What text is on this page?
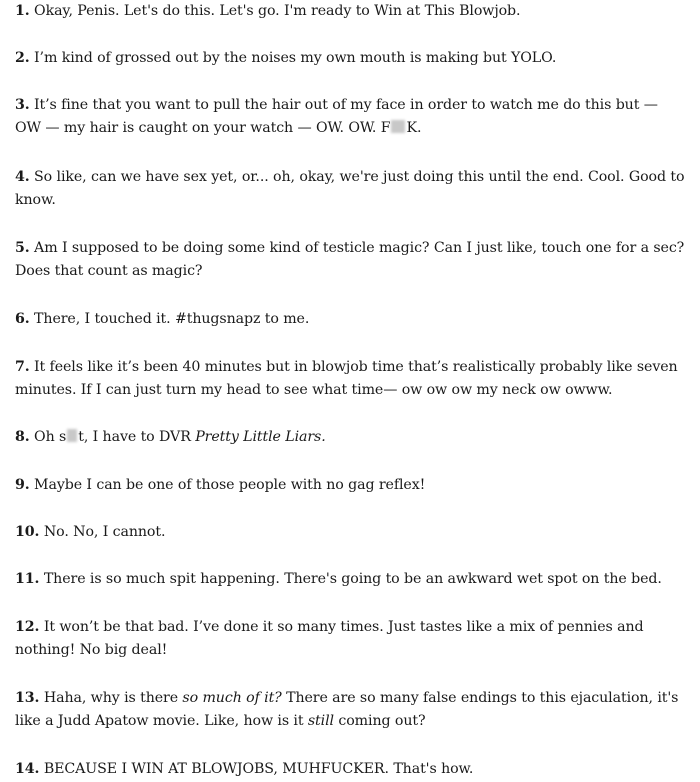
1. Okay, Penis. Let's do this. Let's go. I'm ready to Win at This Blowjob.
2. I’m kind of grossed out by the noises my own mouth is making but YOLO.
3. It’s fine that you want to pull the hair out of my face in order to watch me do this but — OW — my hair is caught on your watch — OW. OW. F K.
4. So like, can we have sex yet, or... oh, okay, we're just doing this until the end. Cool. Good to know.
5. Am I supposed to be doing some kind of testicle magic? Can I just like, touch one for a sec? Does that count as magic?
6. There, I touched it. #thugsnapz to me.
7. It feels like it’s been 40 minutes but in blowjob time that’s realistically probably like seven minutes. If I can just turn my head to see what time— ow ow ow my neck ow owww.
8. Oh s t, I have to DVR Pretty Little Liars.
9. Maybe I can be one of those people with no gag reflex!
10. No. No, I cannot.
11. There is so much spit happening. There's going to be an awkward wet spot on the bed.
12. It won’t be that bad. I’ve done it so many times. Just tastes like a mix of pennies and nothing! No big deal!
13. Haha, why is there so much of it? There are so many false endings to this ejaculation, it's like a Judd Apatow movie. Like, how is it still coming out?
14. BECAUSE I WIN AT BLOWJOBS, MUHFUCKER. That's how.
